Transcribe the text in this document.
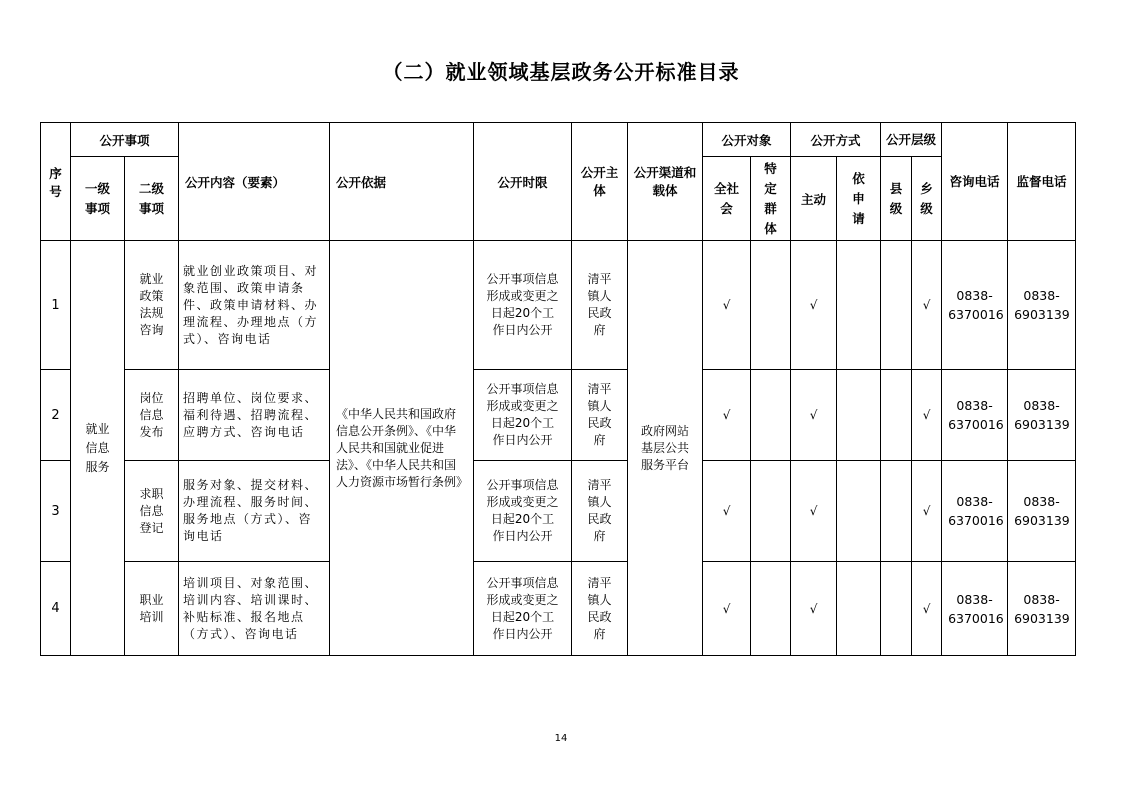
（二）就业领域基层政务公开标准目录
序号	公开事项		公开内容（要素）	公开依据	公开时限	公开主体	公开渠道和载体	公开对象		公开方式		公开层级		咨询电话	监督电话
	一级事项	二级事项						全社会	特定群体	主动	依申请	县级	乡级		
1	就业信息服务	就业政策法规咨询	就业创业政策项目、对象范围、政策申请条件、政策申请材料、办理流程、办理地点（方式）、咨询电话	《中华人民共和国政府信息公开条例》、《中华人民共和国就业促进法》、《中华人民共和国人力资源市场暂行条例》	公开事项信息形成或变更之日起20个工作日内公开	清平镇人民政府	政府网站基层公共服务平台	√		√			√	0838-6370016	0838-6903139
2		岗位信息发布	招聘单位、岗位要求、福利待遇、招聘流程、应聘方式、咨询电话		公开事项信息形成或变更之日起20个工作日内公开	清平镇人民政府		√		√			√	0838-6370016	0838-6903139
3		求职信息登记	服务对象、提交材料、办理流程、服务时间、服务地点（方式）、咨询电话		公开事项信息形成或变更之日起20个工作日内公开	清平镇人民政府		√		√			√	0838-6370016	0838-6903139
4		职业培训	培训项目、对象范围、培训内容、培训课时、补贴标准、报名地点（方式）、咨询电话		公开事项信息形成或变更之日起20个工作日内公开	清平镇人民政府		√		√			√	0838-6370016	0838-6903139
14
